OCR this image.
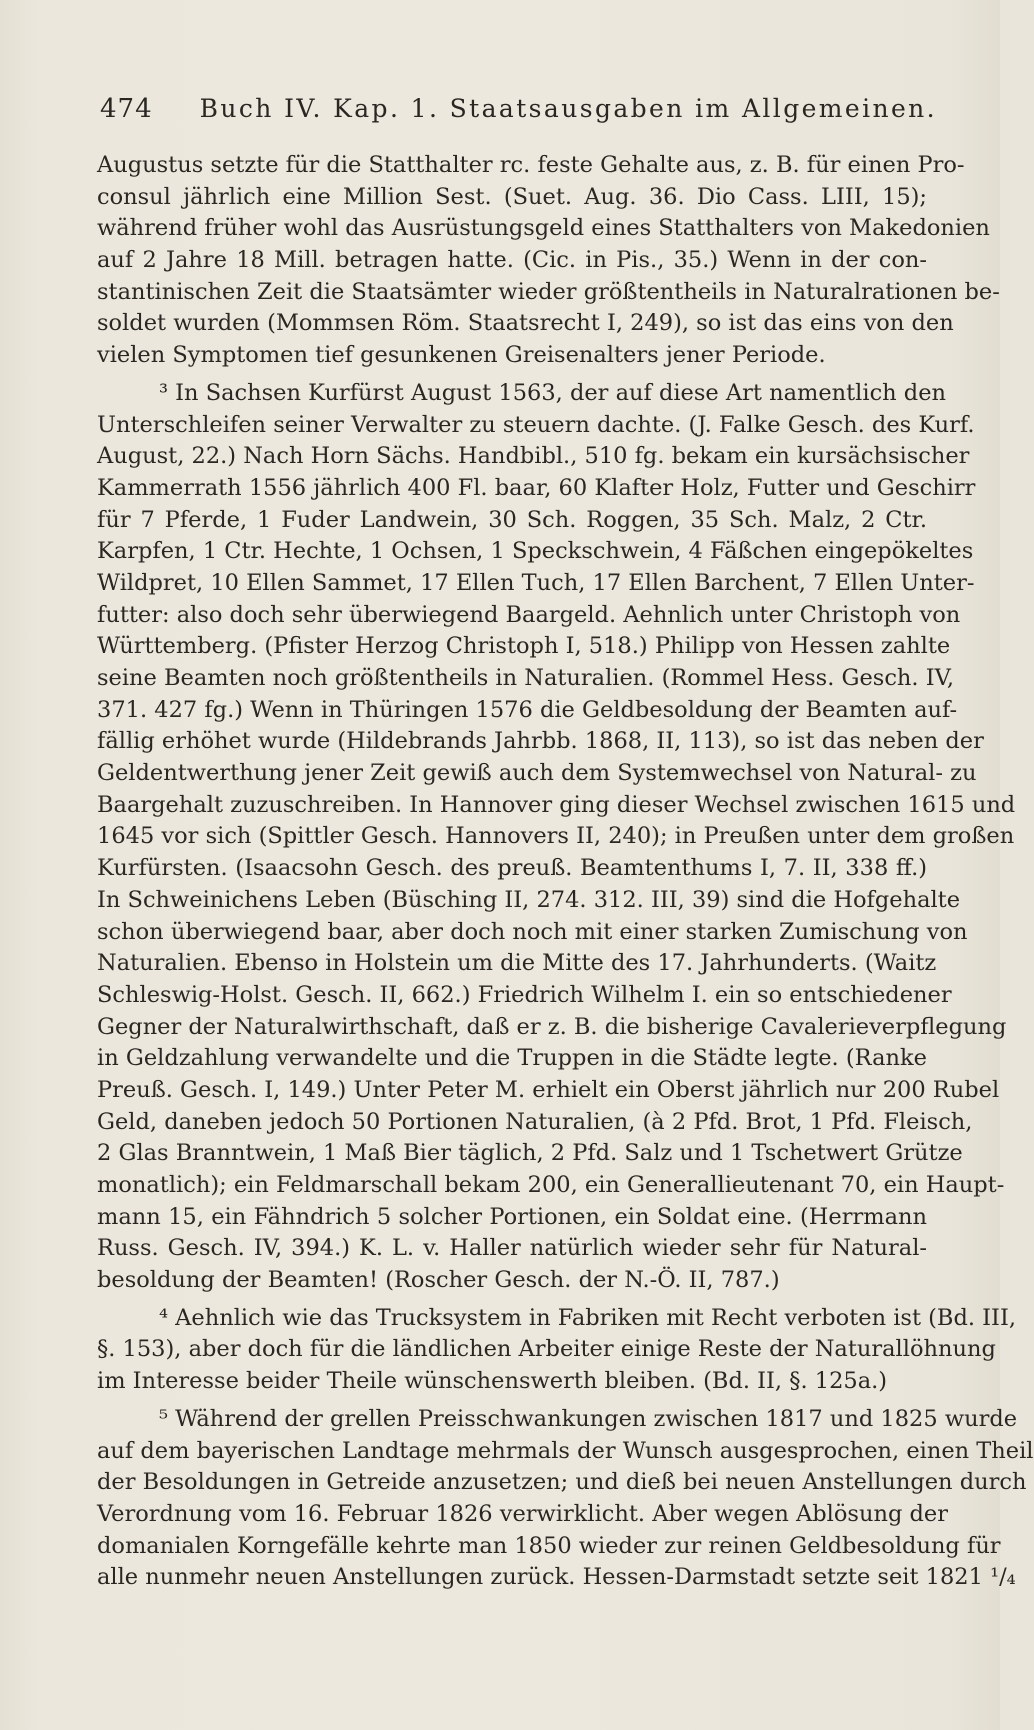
474 Buch IV. Kap. 1. Staatsausgaben im Allgemeinen.
Augustus setzte für die Statthalter rc. feste Gehalte aus, z. B. für einen Pro-
consul jährlich eine Million Sest. (Suet. Aug. 36. Dio Cass. LIII, 15);
während früher wohl das Ausrüstungsgeld eines Statthalters von Makedonien
auf 2 Jahre 18 Mill. betragen hatte. (Cic. in Pis., 35.) Wenn in der con-
stantinischen Zeit die Staatsämter wieder größtentheils in Naturalrationen be-
soldet wurden (Mommsen Röm. Staatsrecht I, 249), so ist das eins von den
vielen Symptomen tief gesunkenen Greisenalters jener Periode.
³ In Sachsen Kurfürst August 1563, der auf diese Art namentlich den
Unterschleifen seiner Verwalter zu steuern dachte. (J. Falke Gesch. des Kurf.
August, 22.) Nach Horn Sächs. Handbibl., 510 fg. bekam ein kursächsischer
Kammerrath 1556 jährlich 400 Fl. baar, 60 Klafter Holz, Futter und Geschirr
für 7 Pferde, 1 Fuder Landwein, 30 Sch. Roggen, 35 Sch. Malz, 2 Ctr.
Karpfen, 1 Ctr. Hechte, 1 Ochsen, 1 Speckschwein, 4 Fäßchen eingepökeltes
Wildpret, 10 Ellen Sammet, 17 Ellen Tuch, 17 Ellen Barchent, 7 Ellen Unter-
futter: also doch sehr überwiegend Baargeld. Aehnlich unter Christoph von
Württemberg. (Pfister Herzog Christoph I, 518.) Philipp von Hessen zahlte
seine Beamten noch größtentheils in Naturalien. (Rommel Hess. Gesch. IV,
371. 427 fg.) Wenn in Thüringen 1576 die Geldbesoldung der Beamten auf-
fällig erhöhet wurde (Hildebrands Jahrbb. 1868, II, 113), so ist das neben der
Geldentwerthung jener Zeit gewiß auch dem Systemwechsel von Natural- zu
Baargehalt zuzuschreiben. In Hannover ging dieser Wechsel zwischen 1615 und
1645 vor sich (Spittler Gesch. Hannovers II, 240); in Preußen unter dem großen
Kurfürsten. (Isaacsohn Gesch. des preuß. Beamtenthums I, 7. II, 338 ff.)
In Schweinichens Leben (Büsching II, 274. 312. III, 39) sind die Hofgehalte
schon überwiegend baar, aber doch noch mit einer starken Zumischung von
Naturalien. Ebenso in Holstein um die Mitte des 17. Jahrhunderts. (Waitz
Schleswig-Holst. Gesch. II, 662.) Friedrich Wilhelm I. ein so entschiedener
Gegner der Naturalwirthschaft, daß er z. B. die bisherige Cavalerieverpflegung
in Geldzahlung verwandelte und die Truppen in die Städte legte. (Ranke
Preuß. Gesch. I, 149.) Unter Peter M. erhielt ein Oberst jährlich nur 200 Rubel
Geld, daneben jedoch 50 Portionen Naturalien, (à 2 Pfd. Brot, 1 Pfd. Fleisch,
2 Glas Branntwein, 1 Maß Bier täglich, 2 Pfd. Salz und 1 Tschetwert Grütze
monatlich); ein Feldmarschall bekam 200, ein Generallieutenant 70, ein Haupt-
mann 15, ein Fähndrich 5 solcher Portionen, ein Soldat eine. (Herrmann
Russ. Gesch. IV, 394.) K. L. v. Haller natürlich wieder sehr für Natural-
besoldung der Beamten! (Roscher Gesch. der N.-Ö. II, 787.)
⁴ Aehnlich wie das Trucksystem in Fabriken mit Recht verboten ist (Bd. III,
§. 153), aber doch für die ländlichen Arbeiter einige Reste der Naturallöhnung
im Interesse beider Theile wünschenswerth bleiben. (Bd. II, §. 125a.)
⁵ Während der grellen Preisschwankungen zwischen 1817 und 1825 wurde
auf dem bayerischen Landtage mehrmals der Wunsch ausgesprochen, einen Theil
der Besoldungen in Getreide anzusetzen; und dieß bei neuen Anstellungen durch
Verordnung vom 16. Februar 1826 verwirklicht. Aber wegen Ablösung der
domanialen Korngefälle kehrte man 1850 wieder zur reinen Geldbesoldung für
alle nunmehr neuen Anstellungen zurück. Hessen-Darmstadt setzte seit 1821 ¹/₄
